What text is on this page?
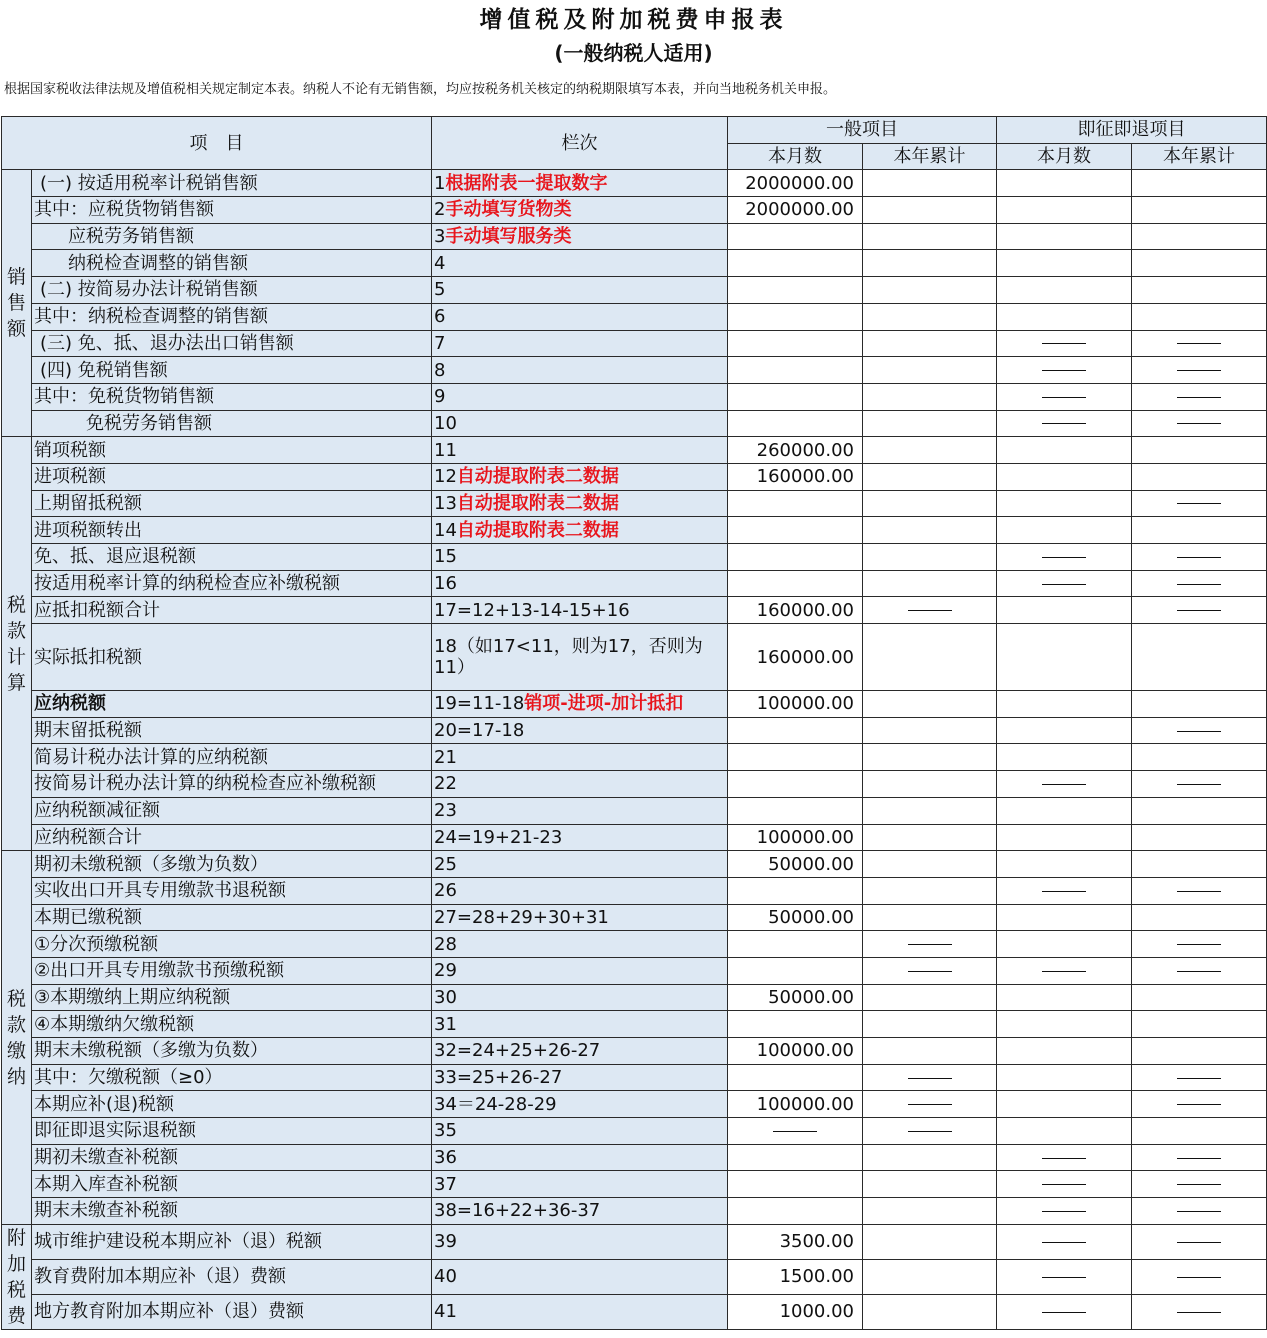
增值税及附加税费申报表
(一般纳税人适用)
根据国家税收法律法规及增值税相关规定制定本表。纳税人不论有无销售额，均应按税务机关核定的纳税期限填写本表，并向当地税务机关申报。
项　目		栏次	一般项目		即征即退项目	
			本月数	本年累计	本月数	本年累计

销
售
额	(一) 按适用税率计税销售额	1根据附表一提取数字	2000000.00			
	其中：应税货物销售额	2手动填写货物类	2000000.00			
	应税劳务销售额	3手动填写服务类				
	纳税检查调整的销售额	4				
	(二) 按简易办法计税销售额	5				
	其中：纳税检查调整的销售额	6				
	(三) 免、抵、退办法出口销售额	7				
	(四) 免税销售额	8				
	其中：免税货物销售额	9				
	免税劳务销售额	10				

税
款
计
算	销项税额	11	260000.00			
	进项税额	12自动提取附表二数据	160000.00			
	上期留抵税额	13自动提取附表二数据				
	进项税额转出	14自动提取附表二数据				
	免、抵、退应退税额	15				
	按适用税率计算的纳税检查应补缴税额	16				
	应抵扣税额合计	17=12+13-14-15+16	160000.00			
	实际抵扣税额	18（如17<11，则为17，否则为11）	160000.00			
	应纳税额	19=11-18销项-进项-加计抵扣	100000.00			
	期末留抵税额	20=17-18				
	简易计税办法计算的应纳税额	21				
	按简易计税办法计算的纳税检查应补缴税额	22				
	应纳税额减征额	23				
	应纳税额合计	24=19+21-23	100000.00			

税
款
缴
纳	期初未缴税额（多缴为负数）	25	50000.00			
	实收出口开具专用缴款书退税额	26				
	本期已缴税额	27=28+29+30+31	50000.00			
	①分次预缴税额	28				
	②出口开具专用缴款书预缴税额	29				
	③本期缴纳上期应纳税额	30	50000.00			
	④本期缴纳欠缴税额	31				
	期末未缴税额（多缴为负数）	32=24+25+26-27	100000.00			
	其中：欠缴税额（≥0）	33=25+26-27				
	本期应补(退)税额	34＝24-28-29	100000.00			
	即征即退实际退税额	35				
	期初未缴查补税额	36				
	本期入库查补税额	37				
	期末未缴查补税额	38=16+22+36-37				

附
加
税
费	城市维护建设税本期应补（退）税额	39	3500.00			
	教育费附加本期应补（退）费额	40	1500.00			
	地方教育附加本期应补（退）费额	41	1000.00			
